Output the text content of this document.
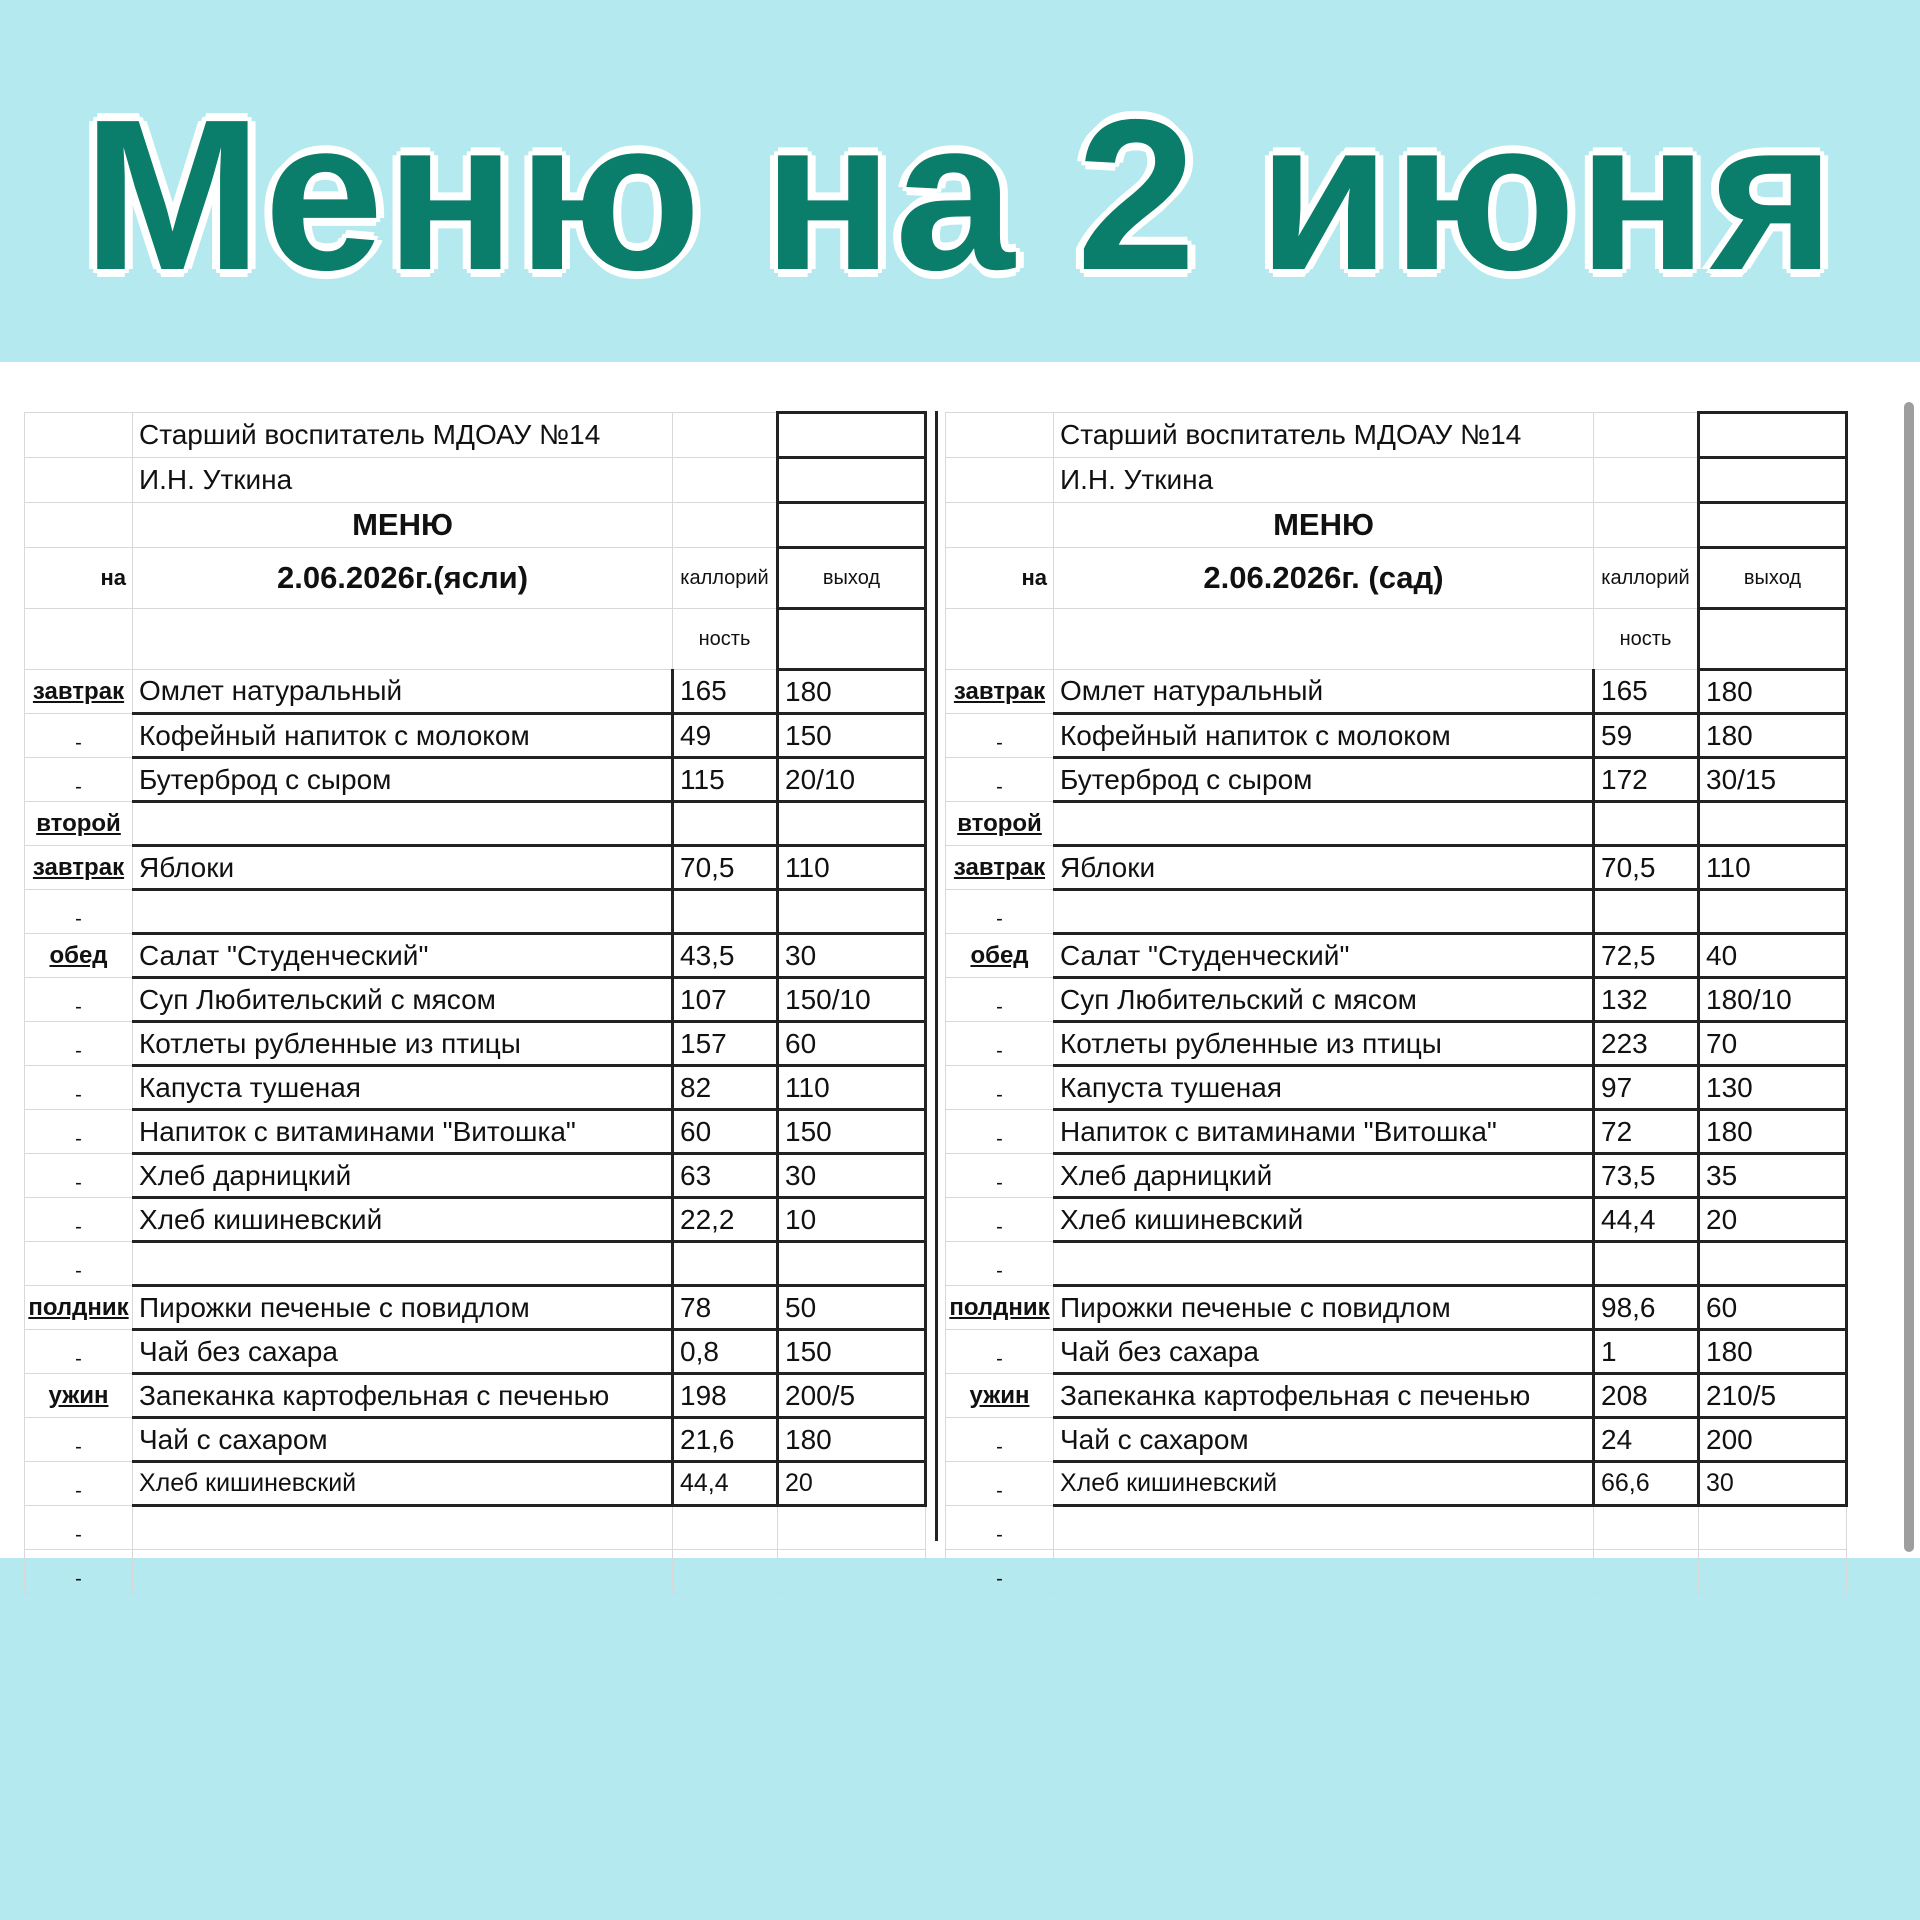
Меню на 2 июня
	Старший воспитатель МДОАУ №14		
	И.Н. Уткина		
	МЕНЮ		
на	2.06.2026г.(ясли)	каллорий	выход
		ность	
завтрак	Омлет натуральный	165	180
-	Кофейный напиток с молоком	49	150
-	Бутерброд с сыром	115	20/10
второй			
завтрак	Яблоки	70,5	110
-			
обед	Салат "Студенческий"	43,5	30
-	Суп Любительский с мясом	107	150/10
-	Котлеты рубленные из птицы	157	60
-	Капуста тушеная	82	110
-	Напиток с витаминами "Витошка"	60	150
-	Хлеб дарницкий	63	30
-	Хлеб кишиневский	22,2	10
-			
полдник	Пирожки печеные с повидлом	78	50
-	Чай без сахара	0,8	150
ужин	Запеканка картофельная с печенью	198	200/5
-	Чай с сахаром	21,6	180
-	Хлеб кишиневский	44,4	20
-			
-			
	Старший воспитатель МДОАУ №14		
	И.Н. Уткина		
	МЕНЮ		
на	2.06.2026г. (сад)	каллорий	выход
		ность	
завтрак	Омлет натуральный	165	180
-	Кофейный напиток с молоком	59	180
-	Бутерброд с сыром	172	30/15
второй			
завтрак	Яблоки	70,5	110
-			
обед	Салат "Студенческий"	72,5	40
-	Суп Любительский с мясом	132	180/10
-	Котлеты рубленные из птицы	223	70
-	Капуста тушеная	97	130
-	Напиток с витаминами "Витошка"	72	180
-	Хлеб дарницкий	73,5	35
-	Хлеб кишиневский	44,4	20
-			
полдник	Пирожки печеные с повидлом	98,6	60
-	Чай без сахара	1	180
ужин	Запеканка картофельная с печенью	208	210/5
-	Чай с сахаром	24	200
-	Хлеб кишиневский	66,6	30
-			
-			
